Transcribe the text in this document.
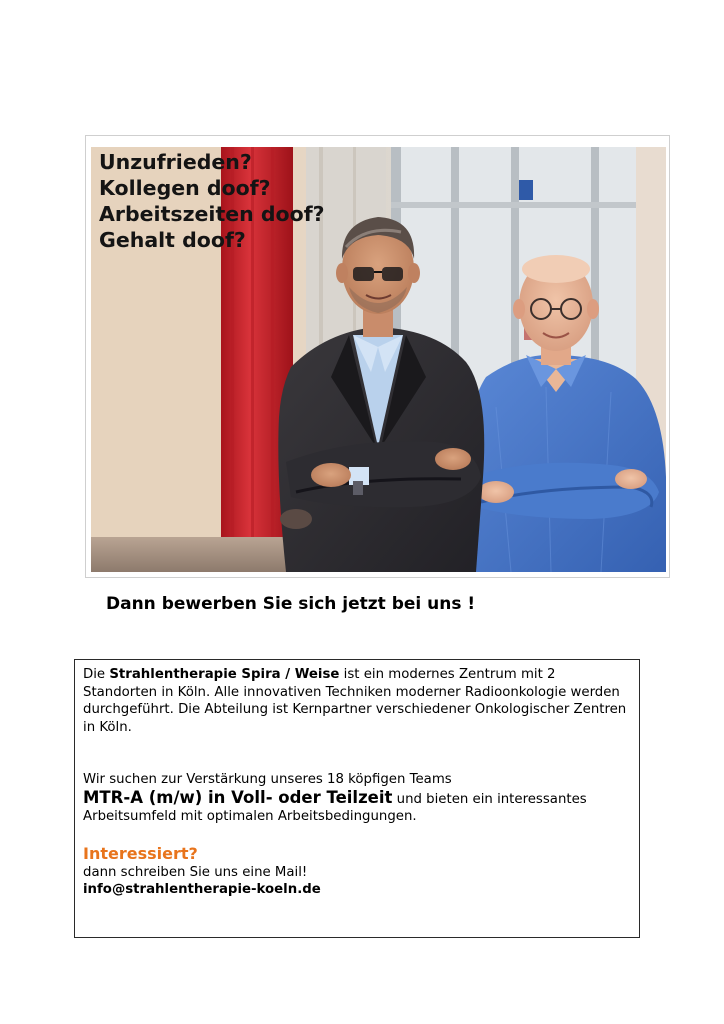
Unzufrieden?
Kollegen doof?
Arbeitszeiten doof?
Gehalt doof?

Dann bewerben Sie sich jetzt bei uns !

Die Strahlentherapie Spira / Weise ist ein modernes Zentrum mit 2 Standorten in Köln. Alle innovativen Techniken moderner Radioonkologie werden durchgeführt. Die Abteilung ist Kernpartner verschiedener Onkologischer Zentren in Köln.

Wir suchen zur Verstärkung unseres 18 köpfigen Teams

MTR-A (m/w) in Voll- oder Teilzeit und bieten ein interessantes Arbeitsumfeld mit optimalen Arbeitsbedingungen.

Interessiert?

dann schreiben Sie uns eine Mail!

info@strahlentherapie-koeln.de
